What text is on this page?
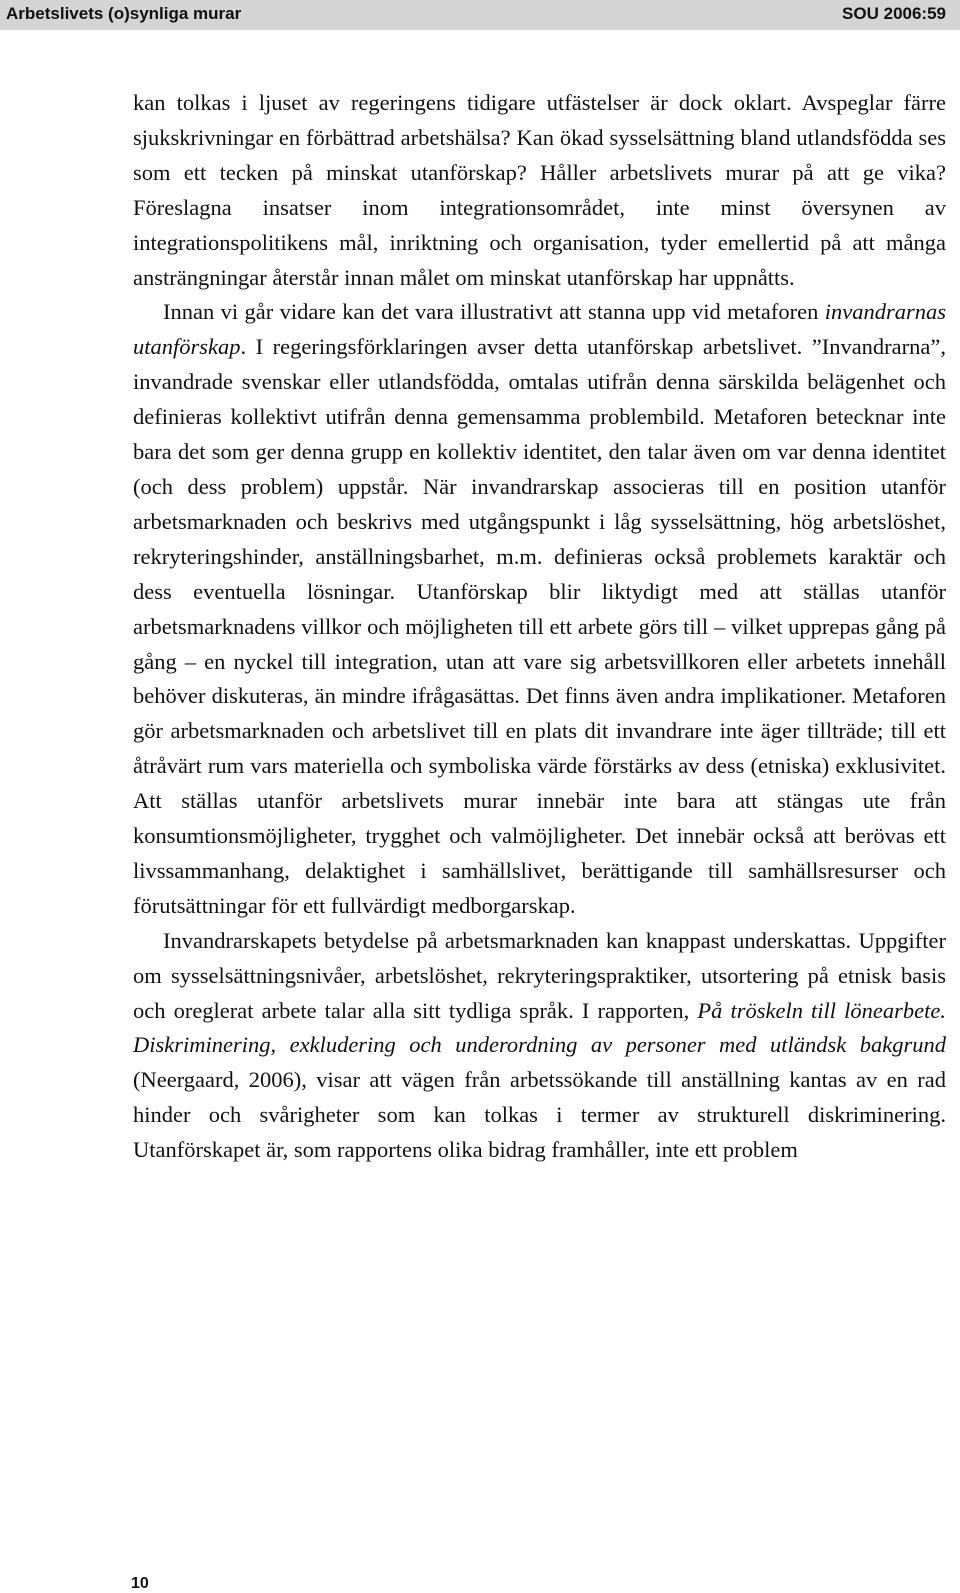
Arbetslivets (o)synliga murar	SOU 2006:59

kan tolkas i ljuset av regeringens tidigare utfästelser är dock oklart. Avspeglar färre sjukskrivningar en förbättrad arbetshälsa? Kan ökad sysselsättning bland utlandsfödda ses som ett tecken på minskat utanförskap? Håller arbetslivets murar på att ge vika? Föreslagna insatser inom integrationsområdet, inte minst översynen av integrationspolitikens mål, inriktning och organisation, tyder emellertid på att många ansträngningar återstår innan målet om minskat utanförskap har uppnåtts.

Innan vi går vidare kan det vara illustrativt att stanna upp vid metaforen invandrarnas utanförskap. I regeringsförklaringen avser detta utanförskap arbetslivet. ”Invandrarna”, invandrade svenskar eller utlandsfödda, omtalas utifrån denna särskilda belägenhet och definieras kollektivt utifrån denna gemensamma problembild. Metaforen betecknar inte bara det som ger denna grupp en kollektiv identitet, den talar även om var denna identitet (och dess problem) uppstår. När invandrarskap associeras till en position utanför arbetsmarknaden och beskrivs med utgångspunkt i låg sysselsättning, hög arbetslöshet, rekryteringshinder, anställningsbarhet, m.m. definieras också problemets karaktär och dess eventuella lösningar. Utanförskap blir liktydigt med att ställas utanför arbetsmarknadens villkor och möjligheten till ett arbete görs till – vilket upprepas gång på gång – en nyckel till integration, utan att vare sig arbetsvillkoren eller arbetets innehåll behöver diskuteras, än mindre ifrågasättas. Det finns även andra implikationer. Metaforen gör arbetsmarknaden och arbetslivet till en plats dit invandrare inte äger tillträde; till ett åtråvärt rum vars materiella och symboliska värde förstärks av dess (etniska) exklusivitet. Att ställas utanför arbetslivets murar innebär inte bara att stängas ute från konsumtionsmöjligheter, trygghet och valmöjligheter. Det innebär också att berövas ett livssammanhang, delaktighet i samhällslivet, berättigande till samhällsresurser och förutsättningar för ett fullvärdigt medborgarskap.

Invandrarskapets betydelse på arbetsmarknaden kan knappast underskattas. Uppgifter om sysselsättningsnivåer, arbetslöshet, rekryteringspraktiker, utsortering på etnisk basis och oreglerat arbete talar alla sitt tydliga språk. I rapporten, På tröskeln till lönearbete. Diskriminering, exkludering och underordning av personer med utländsk bakgrund (Neergaard, 2006), visar att vägen från arbetssökande till anställning kantas av en rad hinder och svårigheter som kan tolkas i termer av strukturell diskriminering. Utanförskapet är, som rapportens olika bidrag framhåller, inte ett problem

10
